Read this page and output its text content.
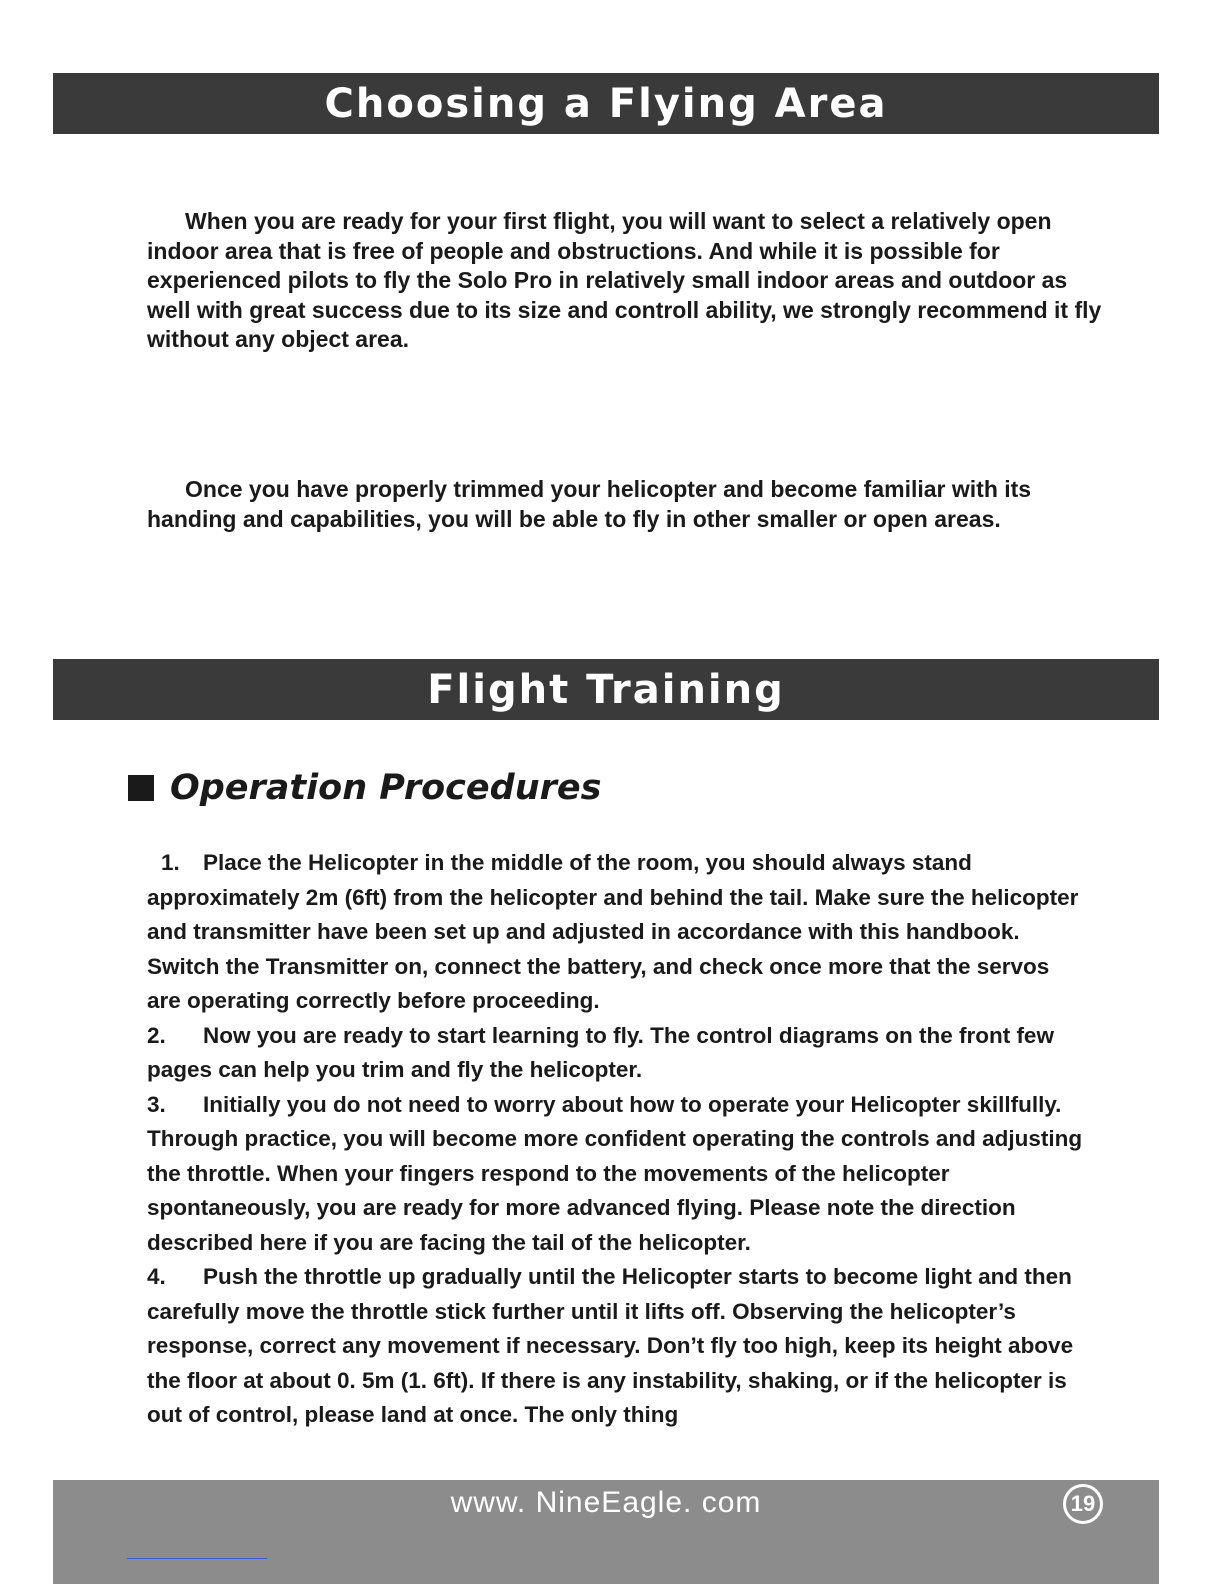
Choosing a Flying Area

When you are ready for your first flight, you will want to select a relatively open indoor area that is free of people and obstructions. And while it is possible for experienced pilots to fly the Solo Pro in relatively small indoor areas and outdoor as well with great success due to its size and controll ability, we strongly recommend it fly without any object area.

Once you have properly trimmed your helicopter and become familiar with its handing and capabilities, you will be able to fly in other smaller or open areas.

Flight Training
Operation Procedures

1. Place the Helicopter in the middle of the room, you should always stand approximately 2m (6ft) from the helicopter and behind the tail. Make sure the helicopter and transmitter have been set up and adjusted in accordance with this handbook. Switch the Transmitter on, connect the battery, and check once more that the servos are operating correctly before proceeding.

2. Now you are ready to start learning to fly. The control diagrams on the front few pages can help you trim and fly the helicopter.

3. Initially you do not need to worry about how to operate your Helicopter skillfully. Through practice, you will become more confident operating the controls and adjusting the throttle. When your fingers respond to the movements of the helicopter spontaneously, you are ready for more advanced flying. Please note the direction described here if you are facing the tail of the helicopter.

4. Push the throttle up gradually until the Helicopter starts to become light and then carefully move the throttle stick further until it lifts off. Observing the helicopter’s response, correct any movement if necessary. Don’t fly too high, keep its height above the floor at about 0. 5m (1. 6ft). If there is any instability, shaking, or if the helicopter is out of control, please land at once. The only thing

www. NineEagle. com	19
